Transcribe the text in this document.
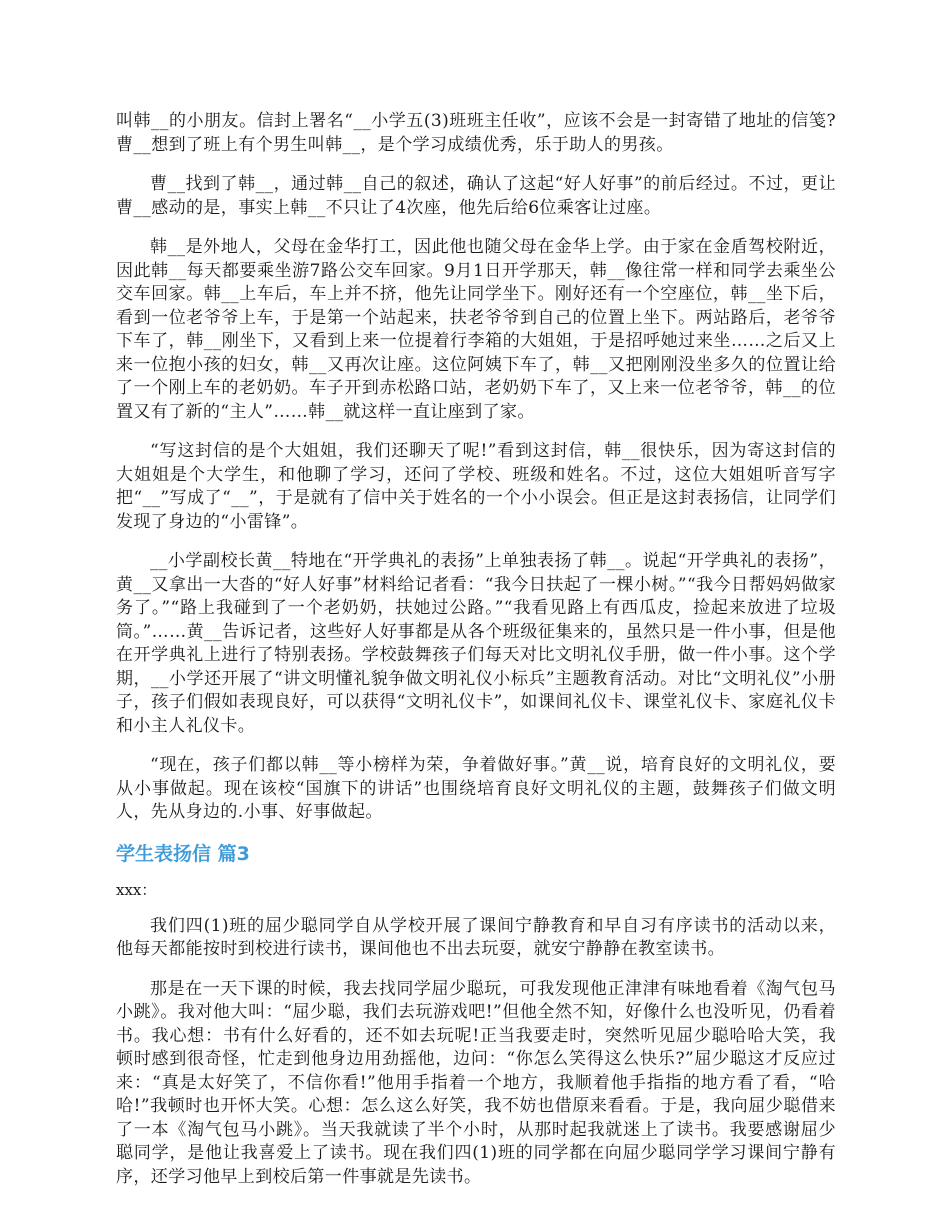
叫韩__的小朋友。信封上署名“__小学五(3)班班主任收”，应该不会是一封寄错了地址的信笺?曹__想到了班上有个男生叫韩__，是个学习成绩优秀，乐于助人的男孩。

曹__找到了韩__，通过韩__自己的叙述，确认了这起“好人好事”的前后经过。不过，更让曹__感动的是，事实上韩__不只让了4次座，他先后给6位乘客让过座。

韩__是外地人，父母在金华打工，因此他也随父母在金华上学。由于家在金盾驾校附近，因此韩__每天都要乘坐游7路公交车回家。9月1日开学那天，韩__像往常一样和同学去乘坐公交车回家。韩__上车后，车上并不挤，他先让同学坐下。刚好还有一个空座位，韩__坐下后，看到一位老爷爷上车，于是第一个站起来，扶老爷爷到自己的位置上坐下。两站路后，老爷爷下车了，韩__刚坐下，又看到上来一位提着行李箱的大姐姐，于是招呼她过来坐……之后又上来一位抱小孩的妇女，韩__又再次让座。这位阿姨下车了，韩__又把刚刚没坐多久的位置让给了一个刚上车的老奶奶。车子开到赤松路口站，老奶奶下车了，又上来一位老爷爷，韩__的位置又有了新的“主人”……韩__就这样一直让座到了家。

“写这封信的是个大姐姐，我们还聊天了呢!”看到这封信，韩__很快乐，因为寄这封信的大姐姐是个大学生，和他聊了学习，还问了学校、班级和姓名。不过，这位大姐姐听音写字把“__”写成了“__”，于是就有了信中关于姓名的一个小小误会。但正是这封表扬信，让同学们发现了身边的“小雷锋”。

__小学副校长黄__特地在“开学典礼的表扬”上单独表扬了韩__。说起“开学典礼的表扬”，黄__又拿出一大沓的“好人好事”材料给记者看：“我今日扶起了一棵小树。”“我今日帮妈妈做家务了。”“路上我碰到了一个老奶奶，扶她过公路。”“我看见路上有西瓜皮，捡起来放进了垃圾筒。”……黄__告诉记者，这些好人好事都是从各个班级征集来的，虽然只是一件小事，但是他在开学典礼上进行了特别表扬。学校鼓舞孩子们每天对比文明礼仪手册，做一件小事。这个学期，__小学还开展了“讲文明懂礼貌争做文明礼仪小标兵”主题教育活动。对比“文明礼仪”小册子，孩子们假如表现良好，可以获得“文明礼仪卡”，如课间礼仪卡、课堂礼仪卡、家庭礼仪卡和小主人礼仪卡。

“现在，孩子们都以韩__等小榜样为荣，争着做好事。”黄__说，培育良好的文明礼仪，要从小事做起。现在该校“国旗下的讲话”也围绕培育良好文明礼仪的主题，鼓舞孩子们做文明人，先从身边的.小事、好事做起。

学生表扬信 篇3

xxx：

我们四(1)班的屈少聪同学自从学校开展了课间宁静教育和早自习有序读书的活动以来，他每天都能按时到校进行读书，课间他也不出去玩耍，就安宁静静在教室读书。

那是在一天下课的时候，我去找同学屈少聪玩，可我发现他正津津有味地看着《淘气包马小跳》。我对他大叫：“屈少聪，我们去玩游戏吧!”但他全然不知，好像什么也没听见，仍看着书。我心想：书有什么好看的，还不如去玩呢!正当我要走时，突然听见屈少聪哈哈大笑，我顿时感到很奇怪，忙走到他身边用劲摇他，边问：“你怎么笑得这么快乐?”屈少聪这才反应过来：“真是太好笑了，不信你看!”他用手指着一个地方，我顺着他手指指的地方看了看，“哈哈!”我顿时也开怀大笑。心想：怎么这么好笑，我不妨也借原来看看。于是，我向屈少聪借来了一本《淘气包马小跳》。当天我就读了半个小时，从那时起我就迷上了读书。我要感谢屈少聪同学，是他让我喜爱上了读书。现在我们四(1)班的同学都在向屈少聪同学学习课间宁静有序，还学习他早上到校后第一件事就是先读书。
